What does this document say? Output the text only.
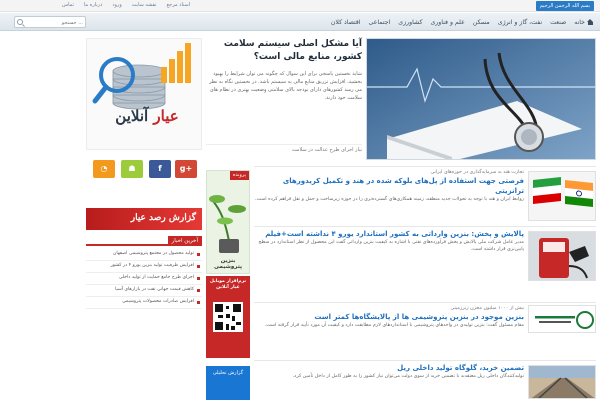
تماس درباره ما ورود نقشه سایت اسناد مرجع	بسم الله الرحمن الرحیم
جستجو ...
خانه
صنعت
نفت، گاز و انرژی
مسکن
علم و فناوری
کشاورزی
اجتماعی
اقتصاد کلان
عیار آنلاین
◔	☗	f	g+
گزارش رصد عیار
آخرین اخبار
تولید محصول در مجتمع پتروشیمی اصفهان
افزایش ظرفیت تولید بنزین یورو ۴ در کشور
اجرای طرح جامع حمایت از تولید داخلی
کاهش قیمت جهانی نفت در بازارهای آسیا
افزایش صادرات محصولات پتروشیمی
آیا مشکل اصلی سیستم سلامت کشور، منابع مالی است؟
شاید نخستین پاسخی برای این سوال که چگونه می توان شرایط را بهبود بخشید، افزایش تزریق منابع مالی به سیستم باشد. در نخستین نگاه به نظر می رسد کشورهای دارای بودجه بالای سلامتی وضعیت بهتری در نظام های سلامت خود دارند.
نیاز اجرای طرح عدالت در سلامت
پرونده
بنزین پتروشیمی
نرم‌افزار موبایل عیار آنلاین
گزارش تحلیلی
تجارت هند به سرمایه‌گذاری در حوزه‌های ایرانی
فرصتی جهت استفاده از پل‌های بلوکه شده در هند و تکمیل کریدورهای ترانزیتی
روابط ایران و هند با توجه به تحولات جدید منطقه، زمینه همکاری‌های گسترده‌تری را در حوزه زیرساخت و حمل و نقل فراهم کرده است.
پالایش و پخش: بنزین وارداتی به کشور استاندارد یورو ۴ نداشته است+فیلم
مدیر عامل شرکت ملی پالایش و پخش فرآورده‌های نفتی با اشاره به کیفیت بنزین وارداتی گفت این محصول از نظر استاندارد در سطح پایین‌تری قرار داشته است.
بیش از ۱۰۰۰ میلیون مخزن زیرزمینی
بنزین موجود در بنزین پتروشیمی ها از پالایشگاه‌ها کمتر است
مقام مسئول گفت: بنزین تولیدی در واحدهای پتروشیمی با استانداردهای لازم مطابقت دارد و کیفیت آن مورد تأیید قرار گرفته است.
تضمین خرید، گلوگاه تولید داخلی ریل
تولیدکنندگان داخلی ریل معتقدند با تضمین خرید از سوی دولت می‌توان نیاز کشور را به طور کامل از داخل تأمین کرد.
